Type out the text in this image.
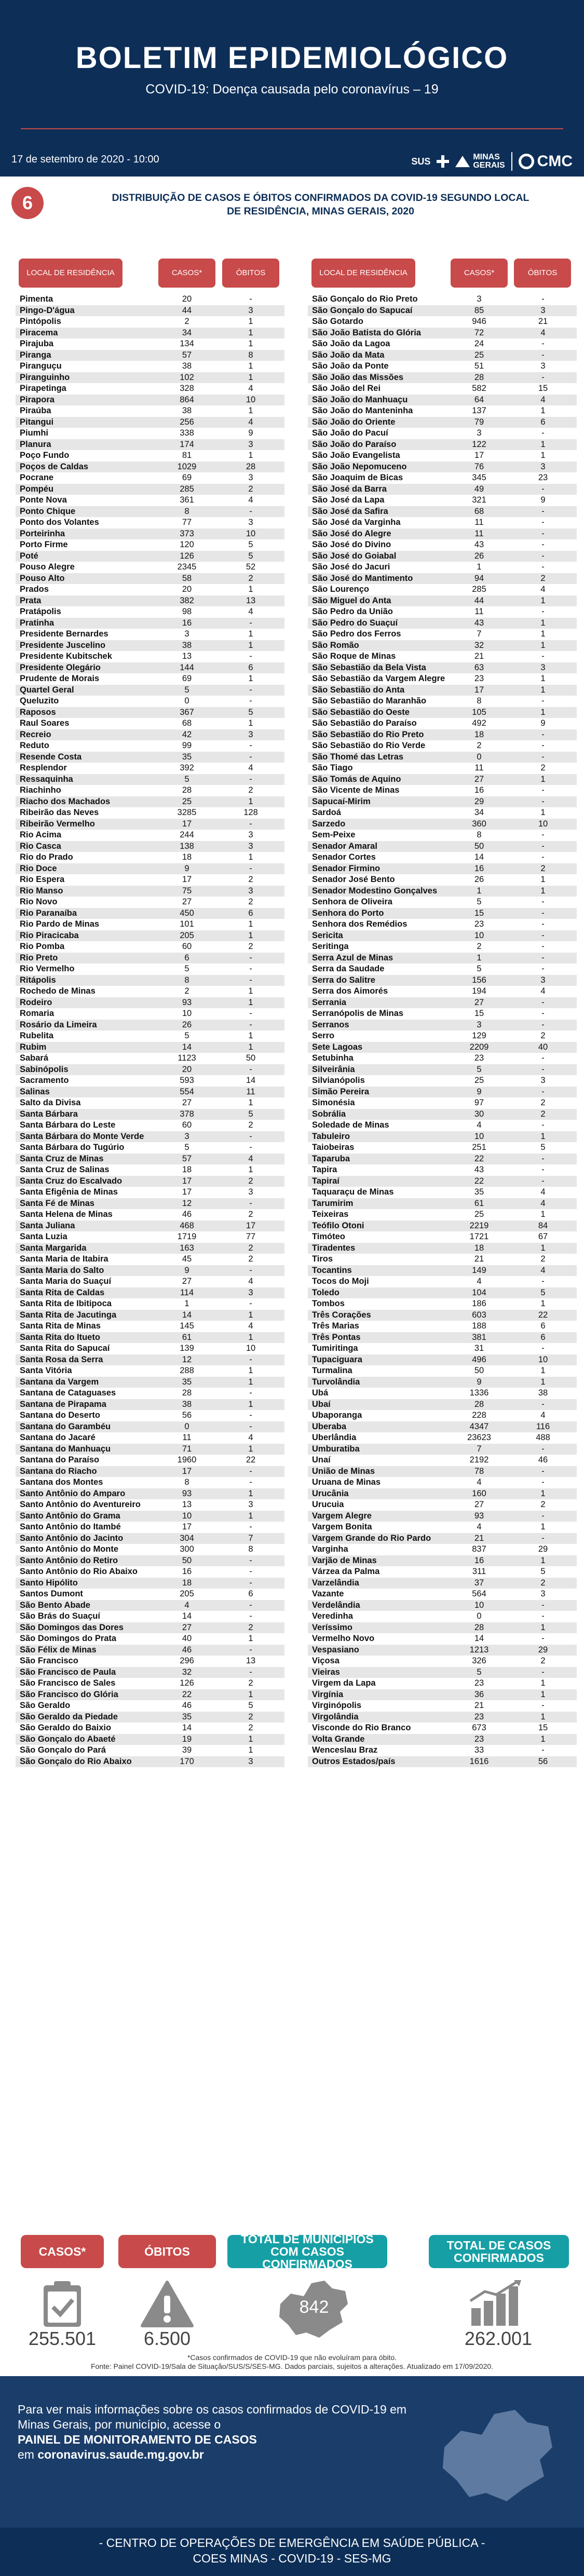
BOLETIM EPIDEMIOLÓGICO
COVID-19: Doença causada pelo coronavírus – 19
17 de setembro de 2020 - 10:00	SUS	MINAS
GERAIS CMC
6	DISTRIBUIÇÃO DE CASOS E ÓBITOS CONFIRMADOS DA COVID-19 SEGUNDO LOCAL
DE RESIDÊNCIA, MINAS GERAIS, 2020
LOCAL DE RESIDÊNCIA	CASOS*	ÓBITOS	LOCAL DE RESIDÊNCIA	CASOS*	ÓBITOS
Pimenta	20	-
Pingo-D'água	44	3
Pintópolis	2	1
Piracema	34	1
Pirajuba	134	1
Piranga	57	8
Piranguçu	38	1
Piranguinho	102	1
Pirapetinga	328	4
Pirapora	864	10
Piraúba	38	1
Pitangui	256	4
Piumhi	338	9
Planura	174	3
Poço Fundo	81	1
Poços de Caldas	1029	28
Pocrane	69	3
Pompéu	285	2
Ponte Nova	361	4
Ponto Chique	8	-
Ponto dos Volantes	77	3
Porteirinha	373	10
Porto Firme	120	5
Poté	126	5
Pouso Alegre	2345	52
Pouso Alto	58	2
Prados	20	1
Prata	382	13
Pratápolis	98	4
Pratinha	16	-
Presidente Bernardes	3	1
Presidente Juscelino	38	1
Presidente Kubitschek	13	-
Presidente Olegário	144	6
Prudente de Morais	69	1
Quartel Geral	5	-
Queluzito	0	-
Raposos	367	5
Raul Soares	68	1
Recreio	42	3
Reduto	99	-
Resende Costa	35	-
Resplendor	392	4
Ressaquinha	5	-
Riachinho	28	2
Riacho dos Machados	25	1
Ribeirão das Neves	3285	128
Ribeirão Vermelho	17	-
Rio Acima	244	3
Rio Casca	138	3
Rio do Prado	18	1
Rio Doce	9	-
Rio Espera	17	2
Rio Manso	75	3
Rio Novo	27	2
Rio Paranaíba	450	6
Rio Pardo de Minas	101	1
Rio Piracicaba	205	1
Rio Pomba	60	2
Rio Preto	6	-
Rio Vermelho	5	-
Ritápolis	8	-
Rochedo de Minas	2	1
Rodeiro	93	1
Romaria	10	-
Rosário da Limeira	26	-
Rubelita	5	1
Rubim	14	1
Sabará	1123	50
Sabinópolis	20	-
Sacramento	593	14
Salinas	554	11
Salto da Divisa	27	1
Santa Bárbara	378	5
Santa Bárbara do Leste	60	2
Santa Bárbara do Monte Verde	3	-
Santa Bárbara do Tugúrio	5	-
Santa Cruz de Minas	57	4
Santa Cruz de Salinas	18	1
Santa Cruz do Escalvado	17	2
Santa Efigênia de Minas	17	3
Santa Fé de Minas	12	-
Santa Helena de Minas	46	2
Santa Juliana	468	17
Santa Luzia	1719	77
Santa Margarida	163	2
Santa Maria de Itabira	45	2
Santa Maria do Salto	9	-
Santa Maria do Suaçuí	27	4
Santa Rita de Caldas	114	3
Santa Rita de Ibitipoca	1	-
Santa Rita de Jacutinga	14	1
Santa Rita de Minas	145	4
Santa Rita do Itueto	61	1
Santa Rita do Sapucaí	139	10
Santa Rosa da Serra	12	-
Santa Vitória	288	1
Santana da Vargem	35	1
Santana de Cataguases	28	-
Santana de Pirapama	38	1
Santana do Deserto	56	-
Santana do Garambéu	0	-
Santana do Jacaré	11	4
Santana do Manhuaçu	71	1
Santana do Paraíso	1960	22
Santana do Riacho	17	-
Santana dos Montes	8	-
Santo Antônio do Amparo	93	1
Santo Antônio do Aventureiro	13	3
Santo Antônio do Grama	10	1
Santo Antônio do Itambé	17	-
Santo Antônio do Jacinto	304	7
Santo Antônio do Monte	300	8
Santo Antônio do Retiro	50	-
Santo Antônio do Rio Abaixo	16	-
Santo Hipólito	18	-
Santos Dumont	205	6
São Bento Abade	4	-
São Brás do Suaçuí	14	-
São Domingos das Dores	27	2
São Domingos do Prata	40	1
São Félix de Minas	46	-
São Francisco	296	13
São Francisco de Paula	32	-
São Francisco de Sales	126	2
São Francisco do Glória	22	1
São Geraldo	46	5
São Geraldo da Piedade	35	2
São Geraldo do Baixio	14	2
São Gonçalo do Abaeté	19	1
São Gonçalo do Pará	39	1
São Gonçalo do Rio Abaixo	170	3
São Gonçalo do Rio Preto	3	-
São Gonçalo do Sapucaí	85	3
São Gotardo	946	21
São João Batista do Glória	72	4
São João da Lagoa	24	-
São João da Mata	25	-
São João da Ponte	51	3
São João das Missões	28	-
São João del Rei	582	15
São João do Manhuaçu	64	4
São João do Manteninha	137	1
São João do Oriente	79	6
São João do Pacuí	3	-
São João do Paraíso	122	1
São João Evangelista	17	1
São João Nepomuceno	76	3
São Joaquim de Bicas	345	23
São José da Barra	49	-
São José da Lapa	321	9
São José da Safira	68	-
São José da Varginha	11	-
São José do Alegre	11	-
São José do Divino	43	-
São José do Goiabal	26	-
São José do Jacuri	1	-
São José do Mantimento	94	2
São Lourenço	285	4
São Miguel do Anta	44	1
São Pedro da União	11	-
São Pedro do Suaçuí	43	1
São Pedro dos Ferros	7	1
São Romão	32	1
São Roque de Minas	21	-
São Sebastião da Bela Vista	63	3
São Sebastião da Vargem Alegre	23	1
São Sebastião do Anta	17	1
São Sebastião do Maranhão	8	-
São Sebastião do Oeste	105	1
São Sebastião do Paraíso	492	9
São Sebastião do Rio Preto	18	-
São Sebastião do Rio Verde	2	-
São Thomé das Letras	0	-
São Tiago	11	2
São Tomás de Aquino	27	1
São Vicente de Minas	16	-
Sapucaí-Mirim	29	-
Sardoá	34	1
Sarzedo	360	10
Sem-Peixe	8	-
Senador Amaral	50	-
Senador Cortes	14	-
Senador Firmino	16	2
Senador José Bento	26	1
Senador Modestino Gonçalves	1	1
Senhora de Oliveira	5	-
Senhora do Porto	15	-
Senhora dos Remédios	23	-
Sericita	10	-
Seritinga	2	-
Serra Azul de Minas	1	-
Serra da Saudade	5	-
Serra do Salitre	156	3
Serra dos Aimorés	194	4
Serrania	27	-
Serranópolis de Minas	15	-
Serranos	3	-
Serro	129	2
Sete Lagoas	2209	40
Setubinha	23	-
Silveirânia	5	-
Silvianópolis	25	3
Simão Pereira	9	-
Simonésia	97	2
Sobrália	30	2
Soledade de Minas	4	-
Tabuleiro	10	1
Taiobeiras	251	5
Taparuba	22	-
Tapira	43	-
Tapiraí	22	-
Taquaraçu de Minas	35	4
Tarumirim	61	4
Teixeiras	25	1
Teófilo Otoni	2219	84
Timóteo	1721	67
Tiradentes	18	1
Tiros	21	2
Tocantins	149	4
Tocos do Moji	4	-
Toledo	104	5
Tombos	186	1
Três Corações	603	22
Três Marias	188	6
Três Pontas	381	6
Tumiritinga	31	-
Tupaciguara	496	10
Turmalina	50	1
Turvolândia	9	1
Ubá	1336	38
Ubaí	28	-
Ubaporanga	228	4
Uberaba	4347	116
Uberlândia	23623	488
Umburatiba	7	-
Unaí	2192	46
União de Minas	78	-
Uruana de Minas	4	-
Urucânia	160	1
Urucuia	27	2
Vargem Alegre	93	-
Vargem Bonita	4	1
Vargem Grande do Rio Pardo	21	-
Varginha	837	29
Varjão de Minas	16	1
Várzea da Palma	311	5
Varzelândia	37	2
Vazante	564	3
Verdelândia	10	-
Veredinha	0	-
Veríssimo	28	1
Vermelho Novo	14	-
Vespasiano	1213	29
Viçosa	326	2
Vieiras	5	-
Virgem da Lapa	23	1
Virgínia	36	1
Virginópolis	21	-
Virgolândia	23	1
Visconde do Rio Branco	673	15
Volta Grande	23	1
Wenceslau Braz	33	-
Outros Estados/país	1616	56
CASOS*	ÓBITOS
TOTAL DE MUNICÍPIOS COM CASOS CONFIRMADOS
TOTAL DE CASOS CONFIRMADOS
842
255.501	6.500	262.001
*Casos confirmados de COVID-19 que não evoluíram para óbito.
Fonte: Painel COVID-19/Sala de Situação/SUS/S/SES-MG. Dados parciais, sujeitos a alterações. Atualizado em 17/09/2020.
Para ver mais informações sobre os casos confirmados de COVID-19 em
Minas Gerais, por município, acesse o
PAINEL DE MONITORAMENTO DE CASOS
em coronavirus.saude.mg.gov.br
- CENTRO DE OPERAÇÕES DE EMERGÊNCIA EM SAÚDE PÚBLICA -
COES MINAS - COVID-19 - SES-MG
